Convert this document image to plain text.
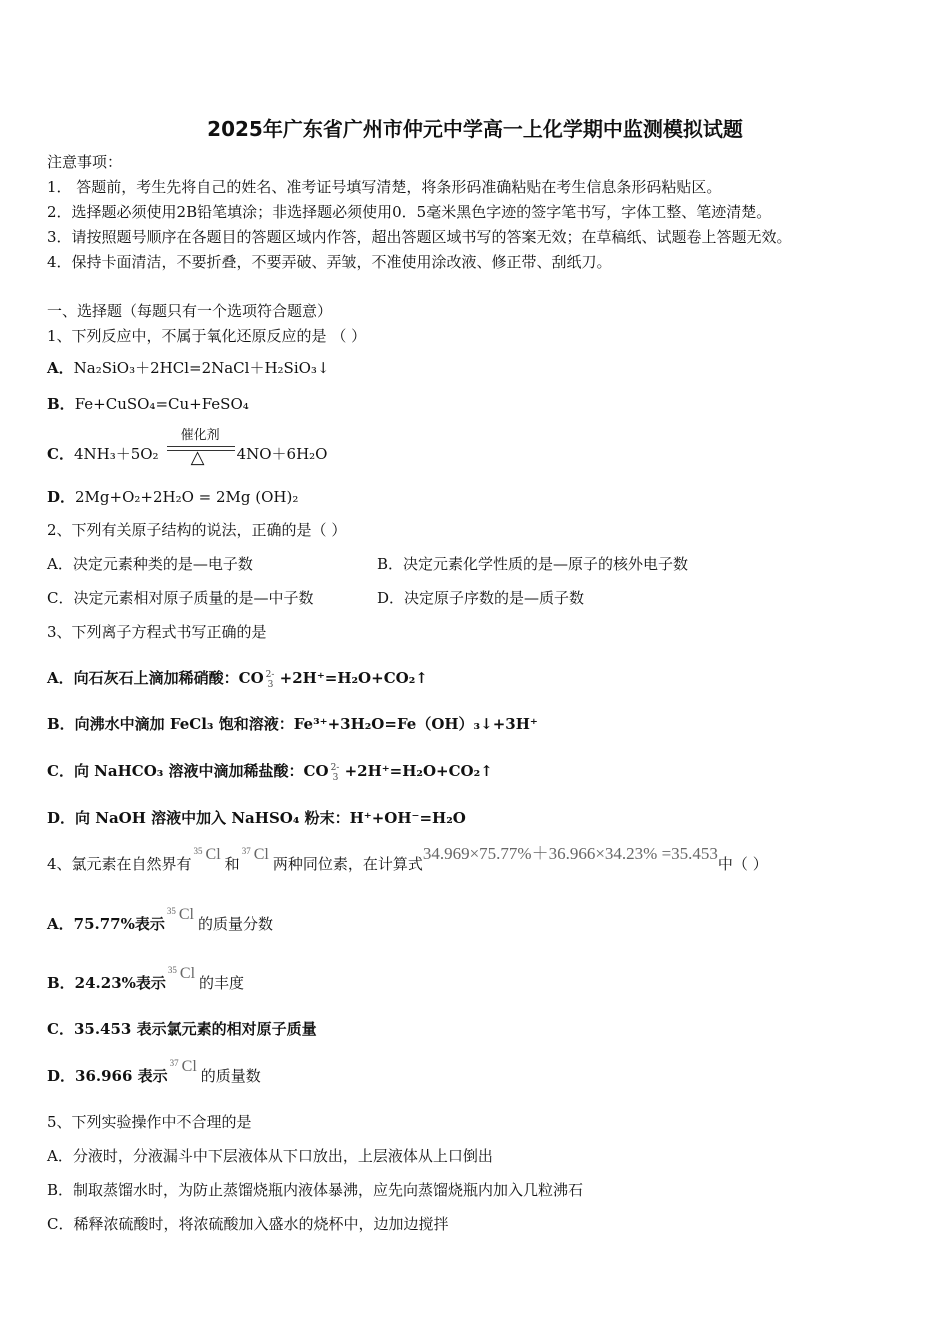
2025年广东省广州市仲元中学高一上化学期中监测模拟试题
注意事项：
1． 答题前，考生先将自己的姓名、准考证号填写清楚，将条形码准确粘贴在考生信息条形码粘贴区。
2．选择题必须使用2B铅笔填涂；非选择题必须使用0．5毫米黑色字迹的签字笔书写，字体工整、笔迹清楚。
3．请按照题号顺序在各题目的答题区域内作答，超出答题区域书写的答案无效；在草稿纸、试题卷上答题无效。
4．保持卡面清洁，不要折叠，不要弄破、弄皱，不准使用涂改液、修正带、刮纸刀。
一、选择题（每题只有一个选项符合题意）
1、下列反应中，不属于氧化还原反应的是 （ ）
A．Na₂SiO₃＋2HCl=2NaCl＋H₂SiO₃↓
B．Fe+CuSO₄=Cu+FeSO₄
C．4NH₃＋5O₂
催化剂
△ 4NO＋6H₂O
D．2Mg+O₂+2H₂O = 2Mg (OH)₂
2、下列有关原子结构的说法，正确的是（ ）
A．决定元素种类的是—电子数	B．决定元素化学性质的是—原子的核外电子数
C．决定元素相对原子质量的是—中子数	D．决定原子序数的是—质子数
3、下列离子方程式书写正确的是
A．向石灰石上滴加稀硝酸：CO 2-
3 +2H⁺=H₂O+CO₂↑
B．向沸水中滴加 FeCl₃ 饱和溶液：Fe³⁺+3H₂O=Fe（OH）₃↓+3H⁺
C．向 NaHCO₃ 溶液中滴加稀盐酸：CO 2-
3 +2H⁺=H₂O+CO₂↑
D．向 NaOH 溶液中加入 NaHSO₄ 粉末：H⁺+OH⁻=H₂O
4、氯元素在自然界有
35 Cl和
37 Cl两种同位素，在计算式34.969×75.77%＋36.966×34.23% =35.453中（ ）
A．75.77%表示
35 Cl的质量分数
B．24.23%表示
35 Cl的丰度
C．35.453 表示氯元素的相对原子质量
D．36.966 表示
37 Cl的质量数
5、下列实验操作中不合理的是
A．分液时，分液漏斗中下层液体从下口放出，上层液体从上口倒出
B．制取蒸馏水时，为防止蒸馏烧瓶内液体暴沸，应先向蒸馏烧瓶内加入几粒沸石
C．稀释浓硫酸时，将浓硫酸加入盛水的烧杯中，边加边搅拌
